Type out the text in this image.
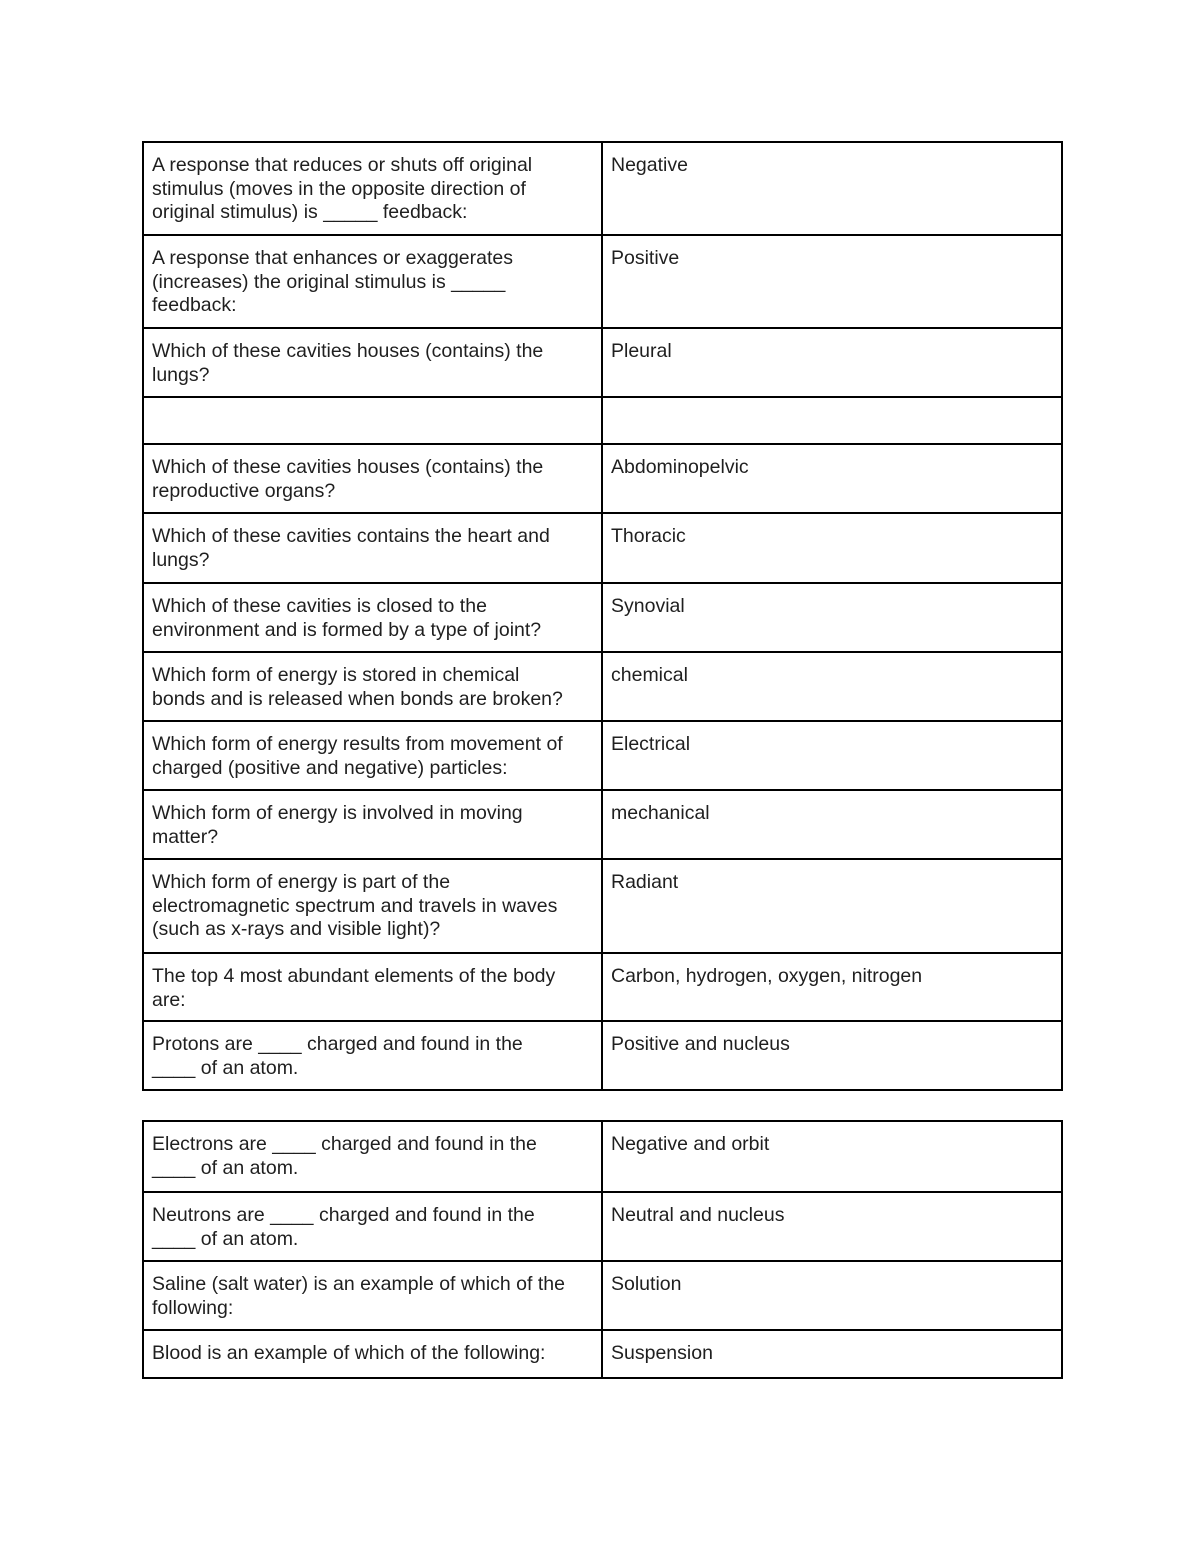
A response that reduces or shuts off original
stimulus (moves in the opposite direction of
original stimulus) is _____ feedback:	Negative
A response that enhances or exaggerates
(increases) the original stimulus is _____
feedback:	Positive
Which of these cavities houses (contains) the
lungs?	Pleural

Which of these cavities houses (contains) the
reproductive organs?	Abdominopelvic
Which of these cavities contains the heart and
lungs?	Thoracic
Which of these cavities is closed to the
environment and is formed by a type of joint?	Synovial
Which form of energy is stored in chemical
bonds and is released when bonds are broken?	chemical
Which form of energy results from movement of
charged (positive and negative) particles:	Electrical
Which form of energy is involved in moving
matter?	mechanical
Which form of energy is part of the
electromagnetic spectrum and travels in waves
(such as x-rays and visible light)?	Radiant
The top 4 most abundant elements of the body
are:	Carbon, hydrogen, oxygen, nitrogen
Protons are ____ charged and found in the
____ of an atom.	Positive and nucleus
Electrons are ____ charged and found in the
____ of an atom.	Negative and orbit
Neutrons are ____ charged and found in the
____ of an atom.	Neutral and nucleus
Saline (salt water) is an example of which of the
following:	Solution
Blood is an example of which of the following:	Suspension
